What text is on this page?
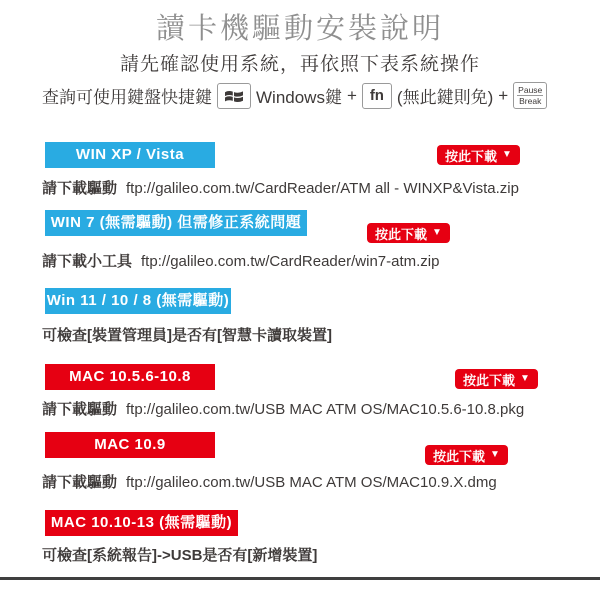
讀卡機驅動安裝說明

請先確認使用系統，再依照下表系統操作

查詢可使用鍵盤快捷鍵	Windows鍵 + fn (無此鍵則免) + Pause
Break
WIN XP / Vista	按此下載 ▼

請下載驅動 ftp://galileo.com.tw/CardReader/ATM all - WINXP&Vista.zip

WIN 7 (無需驅動) 但需修正系統問題
按此下載 ▼

請下載小工具 ftp://galileo.com.tw/CardReader/win7-atm.zip

Win 11 / 10 / 8 (無需驅動)

可檢查[裝置管理員]是否有[智慧卡讀取裝置]

MAC 10.5.6-10.8	按此下載 ▼

請下載驅動 ftp://galileo.com.tw/USB MAC ATM OS/MAC10.5.6-10.8.pkg

MAC 10.9
按此下載 ▼

請下載驅動 ftp://galileo.com.tw/USB MAC ATM OS/MAC10.9.X.dmg

MAC 10.10-13 (無需驅動)

可檢查[系統報告]->USB是否有[新增裝置]
